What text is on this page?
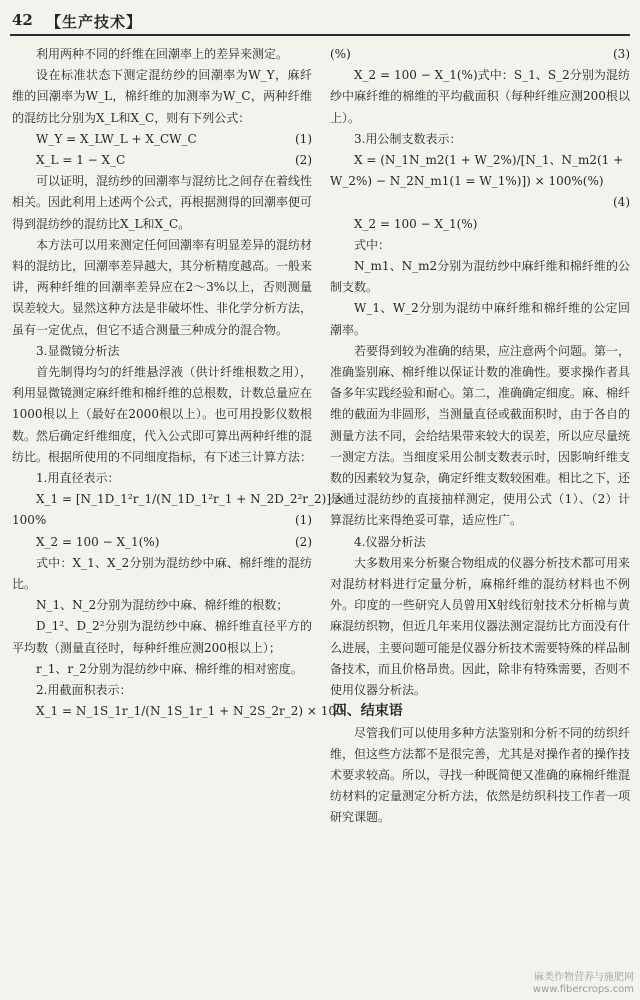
42 【生产技术】
利用两种不同的纤维在回潮率上的差异来测定。
设在标准状态下测定混纺纱的回潮率为W_Y，麻纤维的回潮率为W_L，棉纤维的加测率为W_C，两种纤维的混纺比分别为X_L和X_C，则有下列公式：
W_Y = X_LW_L + X_CW_C	(1)
X_L = 1 − X_C	(2)
可以证明，混纺纱的回潮率与混纺比之间存在着线性相关。因此利用上述两个公式，再根据测得的回潮率便可得到混纺纱的混纺比X_L和X_C。
本方法可以用来测定任何回潮率有明显差异的混纺材料的混纺比，回潮率差异越大，其分析精度越高。一般来讲，两种纤维的回潮率差异应在2～3%以上，否则测量误差较大。显然这种方法是非破坏性、非化学分析方法，虽有一定优点，但它不适合测量三种成分的混合物。
3.显微镜分析法
首先制得均匀的纤维悬浮液（供计纤维根数之用），利用显微镜测定麻纤维和棉纤维的总根数，计数总量应在1000根以上（最好在2000根以上）。也可用投影仪数根数。然后确定纤维细度，代入公式即可算出两种纤维的混纺比。根据所使用的不同细度指标，有下述三计算方法：
1.用直径表示：
X_1 = [N_1D_1²r_1/(N_1D_1²r_1 + N_2D_2²r_2)] ×
100%	(1)
X_2 = 100 − X_1(%)	(2)
式中：X_1、X_2分别为混纺纱中麻、棉纤维的混纺比。
N_1、N_2分别为混纺纱中麻、棉纤维的根数；
D_1²、D_2²分别为混纺纱中麻、棉纤维直径平方的平均数（测量直径时，每种纤维应测200根以上）；
r_1、r_2分别为混纺纱中麻、棉纤维的相对密度。
2.用截面积表示：
X_1 = N_1S_1r_1/(N_1S_1r_1 + N_2S_2r_2) × 100
(%)	(3)
X_2 = 100 − X_1(%)式中：S_1、S_2分别为混纺纱中麻纤维的棉维的平均截面积（每种纤维应测200根以上）。
3.用公制支数表示：
X = (N_1N_m2(1 + W_2%)/[N_1、N_m2(1 +
W_2%) − N_2N_m1(1 = W_1%)]) × 100%(%)
(4)
X_2 = 100 − X_1(%)
式中：
N_m1、N_m2分别为混纺纱中麻纤维和棉纤维的公制支数。
W_1、W_2分别为混纺中麻纤维和棉纤维的公定回潮率。
若要得到较为准确的结果，应注意两个问题。第一，准确鉴别麻、棉纤维以保证计数的准确性。要求操作者具备多年实践经验和耐心。第二，准确确定细度。麻、棉纤维的截面为非圆形，当测量直径或截面积时，由于各自的测量方法不同，会给结果带来较大的误差，所以应尽量统一测定方法。当细度采用公制支数表示时，因影响纤维支数的因素较为复杂，确定纤维支数较困难。相比之下，还是通过混纺纱的直接抽样测定，使用公式（1）、（2）计算混纺比来得绝妥可靠，适应性广。
4.仪器分析法
大多数用来分析聚合物组成的仪器分析技术都可用来对混纺材料进行定量分析，麻棉纤维的混纺材料也不例外。印度的一些研究人员曾用X射线衍射技术分析棉与黄麻混纺织物，但近几年来用仪器法测定混纺比方面没有什么进展，主要问题可能是仪器分析技术需要特殊的样品制备技术，而且价格昂贵。因此，除非有特殊需要，否则不使用仪器分析法。
四、结束语
尽管我们可以使用多种方法鉴别和分析不同的纺织纤维，但这些方法都不是很完善，尤其是对操作者的操作技术要求较高。所以，寻找一种既简便又准确的麻棉纤维混纺材料的定量测定分析方法，依然是纺织科技工作者一项研究课题。
麻类作物营养与施肥网
www.fibercrops.com
